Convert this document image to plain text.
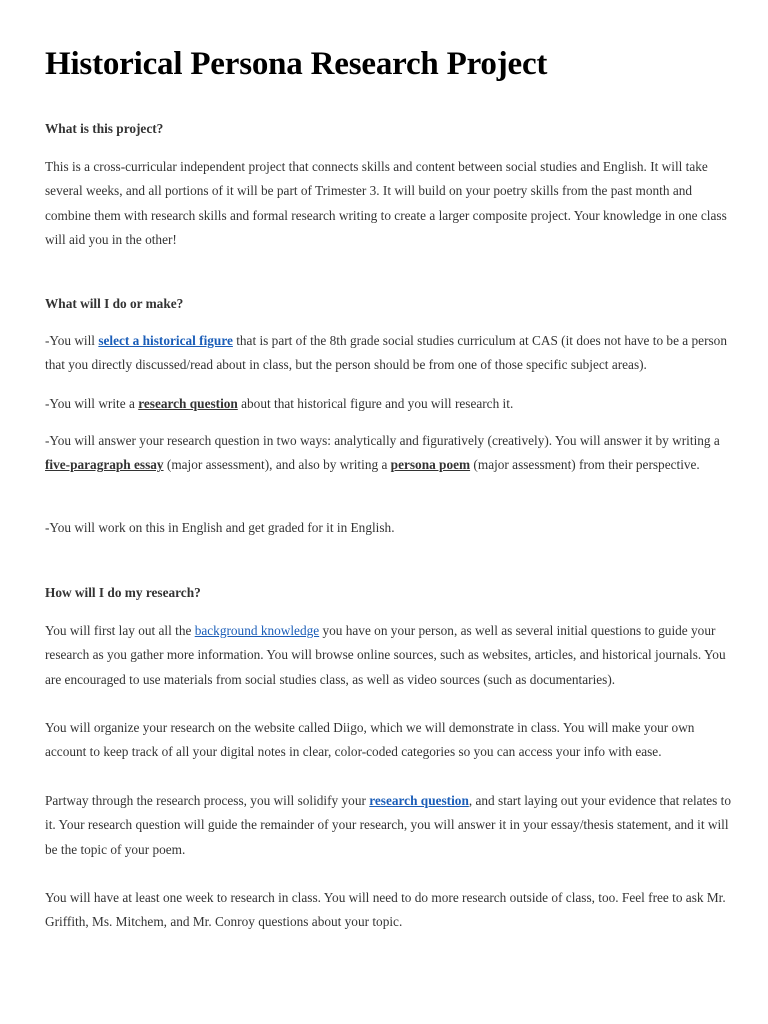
Historical Persona Research Project

What is this project?

This is a cross-curricular independent project that connects skills and content between social studies and English. It will take several weeks, and all portions of it will be part of Trimester 3. It will build on your poetry skills from the past month and combine them with research skills and formal research writing to create a larger composite project. Your knowledge in one class will aid you in the other!

What will I do or make?

-You will select a historical figure that is part of the 8th grade social studies curriculum at CAS (it does not have to be a person that you directly discussed/read about in class, but the person should be from one of those specific subject areas).

-You will write a research question about that historical figure and you will research it.

-You will answer your research question in two ways: analytically and figuratively (creatively). You will answer it by writing a five-paragraph essay (major assessment), and also by writing a persona poem (major assessment) from their perspective.

-You will work on this in English and get graded for it in English.

How will I do my research?

You will first lay out all the background knowledge you have on your person, as well as several initial questions to guide your research as you gather more information. You will browse online sources, such as websites, articles, and historical journals. You are encouraged to use materials from social studies class, as well as video sources (such as documentaries).

You will organize your research on the website called Diigo, which we will demonstrate in class. You will make your own account to keep track of all your digital notes in clear, color-coded categories so you can access your info with ease.

Partway through the research process, you will solidify your research question, and start laying out your evidence that relates to it. Your research question will guide the remainder of your research, you will answer it in your essay/thesis statement, and it will be the topic of your poem.

You will have at least one week to research in class. You will need to do more research outside of class, too. Feel free to ask Mr. Griffith, Ms. Mitchem, and Mr. Conroy questions about your topic.
